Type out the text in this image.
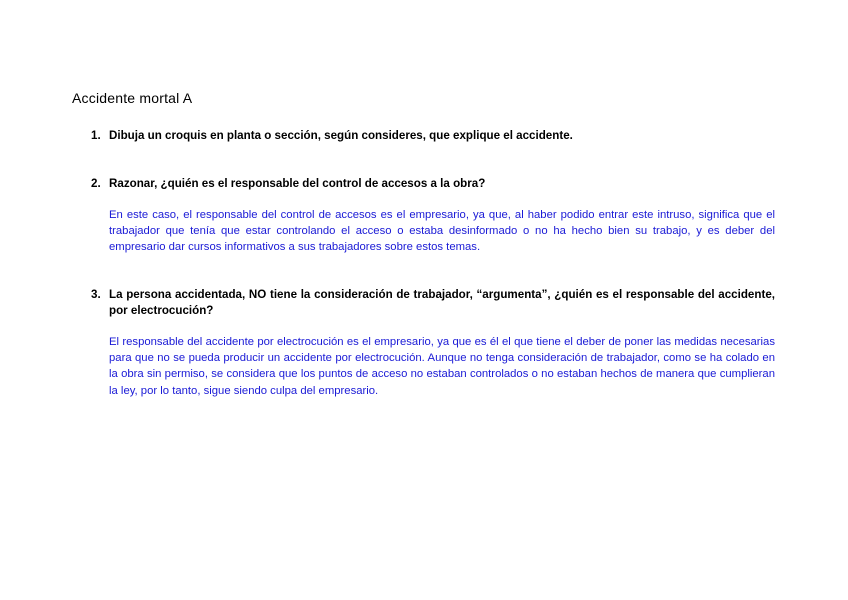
Accidente mortal A
1. Dibuja un croquis en planta o sección, según consideres, que explique el accidente.
2. Razonar, ¿quién es el responsable del control de accesos a la obra?
En este caso, el responsable del control de accesos es el empresario, ya que, al haber podido entrar este intruso, significa que el trabajador que tenía que estar controlando el acceso o estaba desinformado o no ha hecho bien su trabajo, y es deber del empresario dar cursos informativos a sus trabajadores sobre estos temas.
3. La persona accidentada, NO tiene la consideración de trabajador, “argumenta”, ¿quién es el responsable del accidente, por electrocución?
El responsable del accidente por electrocución es el empresario, ya que es él el que tiene el deber de poner las medidas necesarias para que no se pueda producir un accidente por electrocución. Aunque no tenga consideración de trabajador, como se ha colado en la obra sin permiso, se considera que los puntos de acceso no estaban controlados o no estaban hechos de manera que cumplieran la ley, por lo tanto, sigue siendo culpa del empresario.
